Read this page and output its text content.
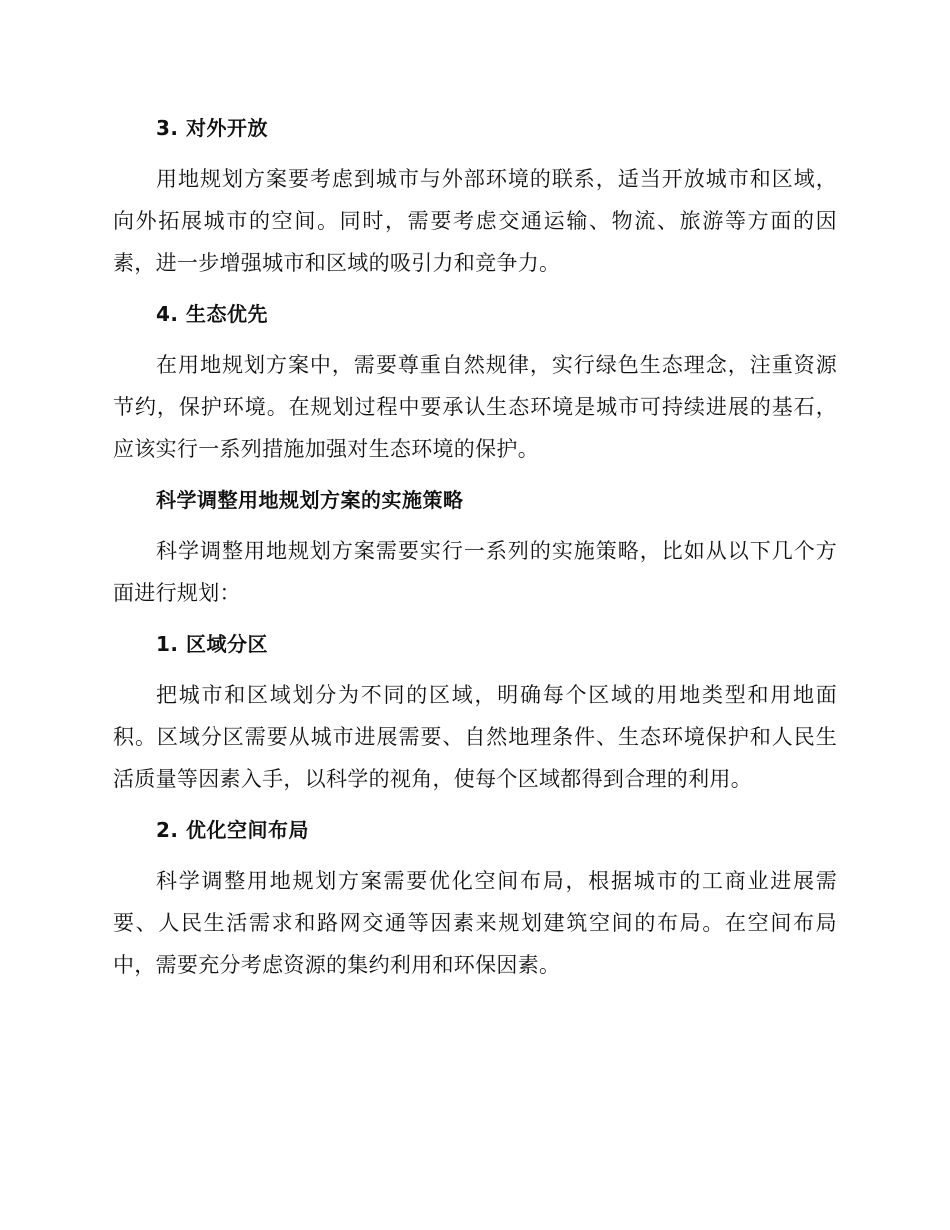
3. 对外开放

用地规划方案要考虑到城市与外部环境的联系，适当开放城市和区域，向外拓展城市的空间。同时，需要考虑交通运输、物流、旅游等方面的因素，进一步增强城市和区域的吸引力和竞争力。

4. 生态优先

在用地规划方案中，需要尊重自然规律，实行绿色生态理念，注重资源节约，保护环境。在规划过程中要承认生态环境是城市可持续进展的基石，应该实行一系列措施加强对生态环境的保护。

科学调整用地规划方案的实施策略

科学调整用地规划方案需要实行一系列的实施策略，比如从以下几个方面进行规划：

1. 区域分区

把城市和区域划分为不同的区域，明确每个区域的用地类型和用地面积。区域分区需要从城市进展需要、自然地理条件、生态环境保护和人民生活质量等因素入手，以科学的视角，使每个区域都得到合理的利用。

2. 优化空间布局

科学调整用地规划方案需要优化空间布局，根据城市的工商业进展需要、人民生活需求和路网交通等因素来规划建筑空间的布局。在空间布局中，需要充分考虑资源的集约利用和环保因素。
